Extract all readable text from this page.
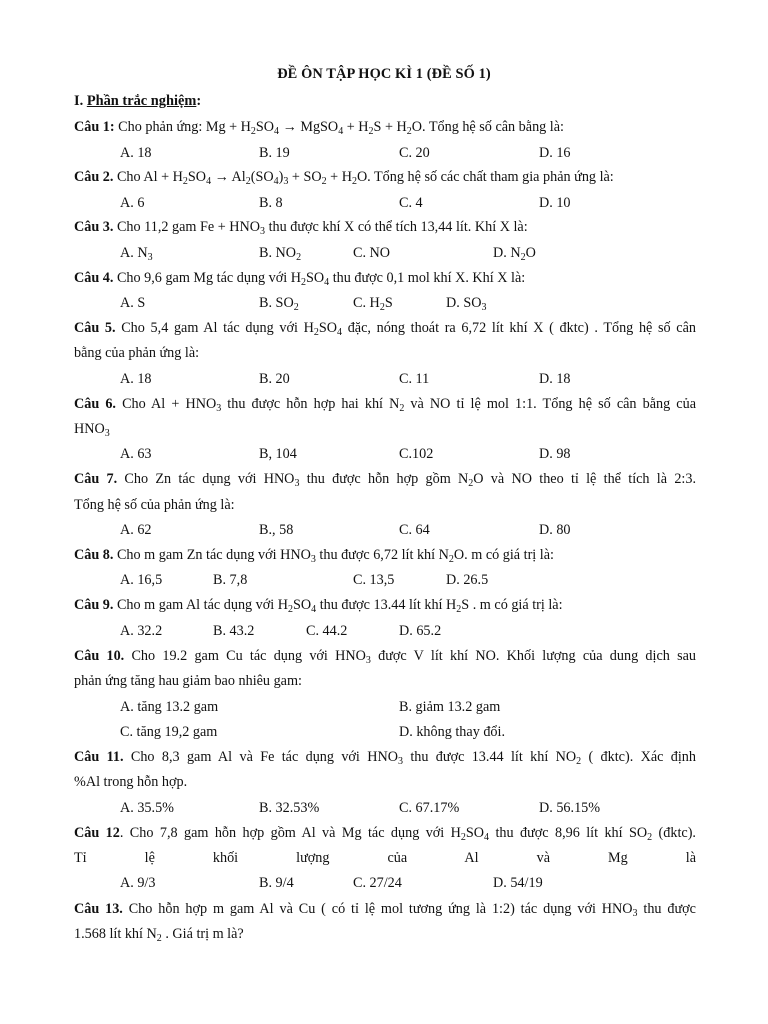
ĐỀ ÔN TẬP HỌC KÌ 1 (ĐỀ SỐ 1)
I. Phần trắc nghiệm:
Câu 1: Cho phản ứng: $Mg + H_2SO_4$ → MgSO$_4$ + $H_2S + H_2O$. Tổng hệ số cân bằng là:
A. 18	B. 19	C. 20	D. 16
Câu 2. Cho $Al + H_2SO_4 \to Al_2(SO_4)_3 + SO_2 + H_2O$. Tổng hệ số các chất tham gia phản ứng là:
A. 6	B. 8	C. 4	D. 10
Câu 3. Cho 11,2 gam $Fe + HNO_3$ thu được khí X có thể tích 13,44 lít. Khí X là:
A. $N_3$	B. $NO_2$	C. NO	D. $N_2O$
Câu 4. Cho 9,6 gam Mg tác dụng với $H_2SO_4$ thu được 0,1 mol khí X. Khí X là:
A. S	B. $SO_2$	C. $H_2S$	D. $SO_3$
Câu 5. Cho 5,4 gam Al tác dụng với $H_2SO_4$ đặc, nóng thoát ra 6,72 lít khí X ( đktc) . Tổng hệ số cân
bằng của phản ứng là:
A. 18	B. 20	C. 11	D. 18
Câu 6. Cho $Al + HNO_3$ thu được hỗn hợp hai khí $N_2$ và NO tỉ lệ mol 1:1. Tổng hệ số cân bằng của
$HNO_3$
A. 63	B, 104	C.102	D. 98
Câu 7. Cho Zn tác dụng với $HNO_3$ thu được hỗn hợp gồm $N_2O$ và NO theo tỉ lệ thể tích là 2:3.
Tổng hệ số của phản ứng là:
A. 62	B., 58	C. 64	D. 80
Câu 8. Cho m gam Zn tác dụng với $HNO_3$ thu được 6,72 lít khí $N_2O$. m có giá trị là:
A. 16,5	B. 7,8	C. 13,5	D. 26.5
Câu 9. Cho m gam Al tác dụng với $H_2SO_4$ thu được 13.44 lít khí $H_2S$ . m có giá trị là:
A. 32.2	B. 43.2	C. 44.2	D. 65.2
Câu 10. Cho 19.2 gam Cu tác dụng với $HNO_3$ được V lít khí NO. Khối lượng của dung dịch sau
phản ứng tăng hau giảm bao nhiêu gam:
A. tăng 13.2 gam	B. giảm 13.2 gam
C. tăng 19,2 gam	D. không thay đổi.
Câu 11. Cho 8,3 gam Al và Fe tác dụng với $HNO_3$ thu được 13.44 lít khí $NO_2$ ( đktc). Xác định
%Al trong hỗn hợp.
A. 35.5%	B. 32.53%	C. 67.17%	D. 56.15%
Câu 12. Cho 7,8 gam hỗn hợp gồm Al và Mg tác dụng với $H_2SO_4$ thu được 8,96 lít khí $SO_2$ (đktc).
Tỉ lệ khối lượng của Al và Mg là
A. 9/3	B. 9/4	C. 27/24	D. 54/19
Câu 13. Cho hỗn hợp m gam Al và Cu ( có tỉ lệ mol tương ứng là 1:2) tác dụng với $HNO_3$ thu được
1.568 lít khí $N_2$ . Giá trị m là?
